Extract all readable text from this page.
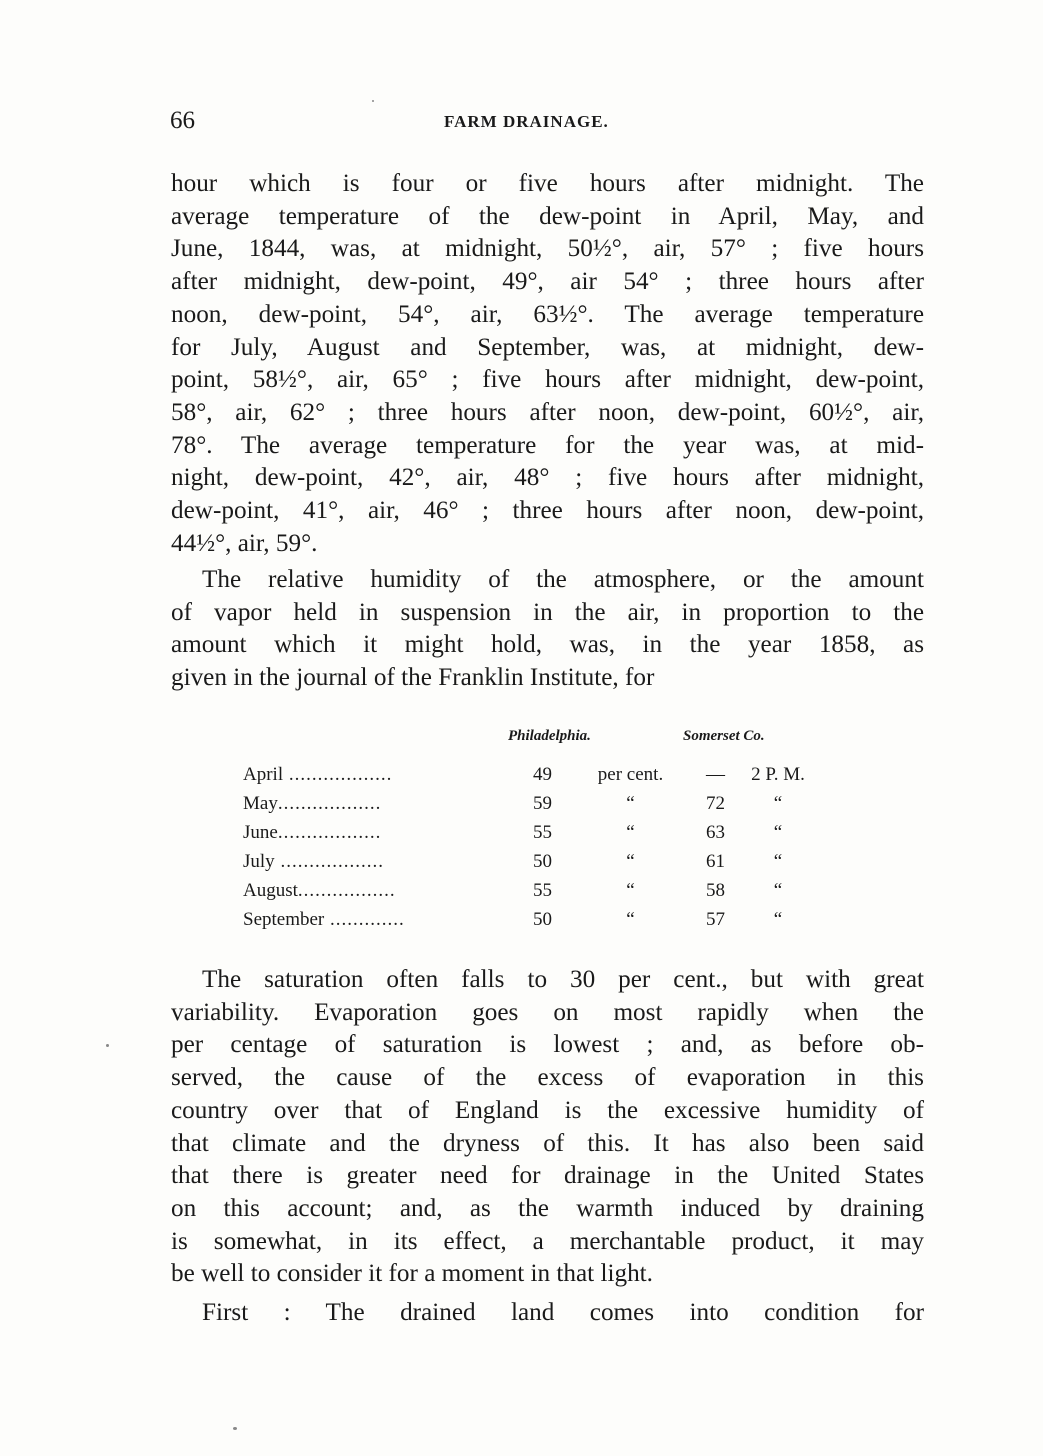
66	FARM DRAINAGE.
hour which is four or five hours after midnight. The
average temperature of the dew-point in April, May, and
June, 1844, was, at midnight, 50½°, air, 57° ; five hours
after midnight, dew-point, 49°, air 54° ; three hours after
noon, dew-point, 54°, air, 63½°. The average temperature
for July, August and September, was, at midnight, dew-
point, 58½°, air, 65° ; five hours after midnight, dew-point,
58°, air, 62° ; three hours after noon, dew-point, 60½°, air,
78°. The average temperature for the year was, at mid-
night, dew-point, 42°, air, 48° ; five hours after midnight,
dew-point, 41°, air, 46° ; three hours after noon, dew-point,
44½°, air, 59°.
The relative humidity of the atmosphere, or the amount
of vapor held in suspension in the air, in proportion to the
amount which it might hold, was, in the year 1858, as
given in the journal of the Franklin Institute, for
Philadelphia.	Somerset Co.
April ..................	49	per cent.	—	2 P. M.
May..................	59	“	72	“
June..................	55	“	63	“
July ..................	50	“	61	“
August.................	55	“	58	“
September .............	50	“	57	“
The saturation often falls to 30 per cent., but with great
variability. Evaporation goes on most rapidly when the
per centage of saturation is lowest ; and, as before ob-
served, the cause of the excess of evaporation in this
country over that of England is the excessive humidity of
that climate and the dryness of this. It has also been said
that there is greater need for drainage in the United States
on this account; and, as the warmth induced by draining
is somewhat, in its effect, a merchantable product, it may
be well to consider it for a moment in that light.
First : The drained land comes into condition for
